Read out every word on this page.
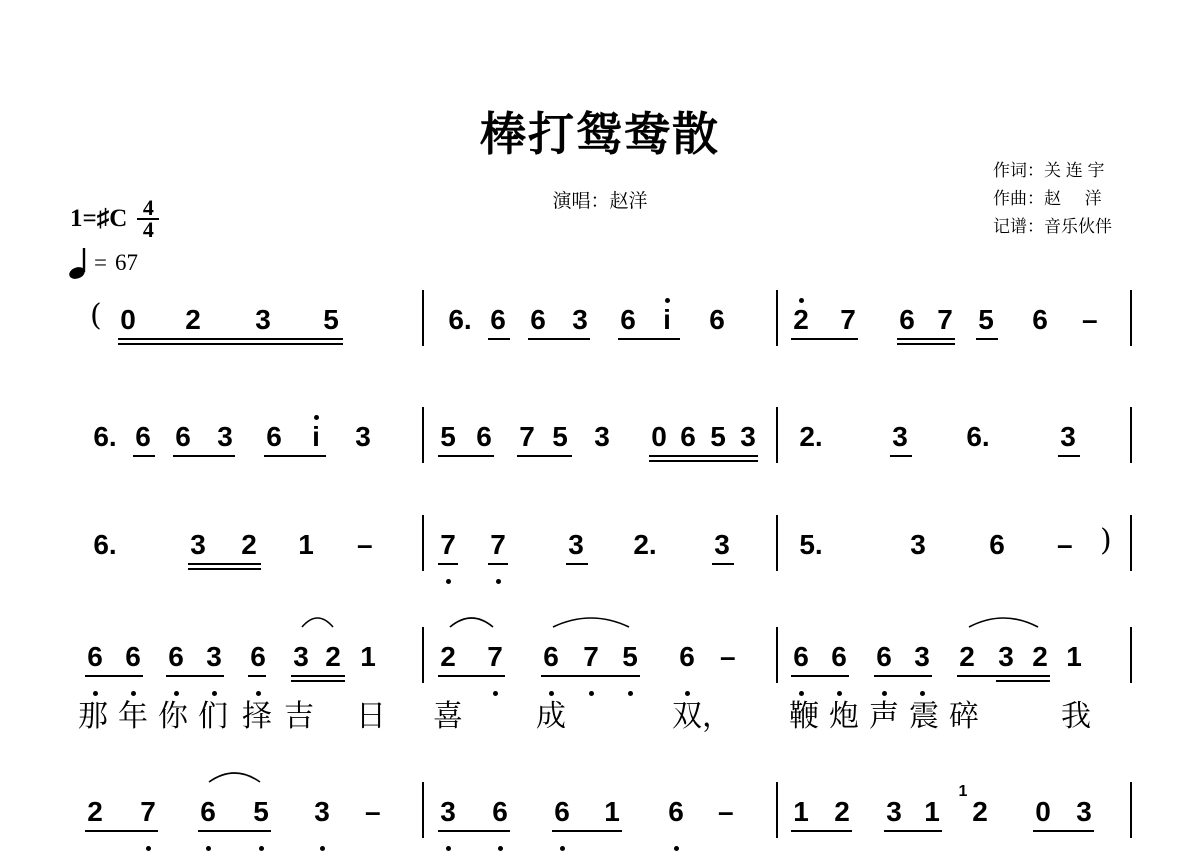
棒打鸳鸯散
演唱：赵洋
作词：关 连 宇
作曲：赵     洋
记谱：音乐伙伴
1 = ♯ C 4
4
= 67
( 0 2 3 5	6. 6 6 3 6 i 6 2 7 6 7 5 6 –
6. 6 6 3 6 i 3 5 6 7 5 3 0 6 5 3 2. 3 6.	3
6.	3 2 1 – 7 7 3 2. 3 5.	3 6 – )
6 6 6 3 6 3 2 1 2 7 6 7 5 6 – 6 6 6 3 2 3 2 1
2 7 6 5 3 – 3 6 6 1 6 – 1 2 3 1
1
2 0 3
那 年 你 们 择 吉 日 喜 成	双， 鞭 炮 声 震 碎	我
